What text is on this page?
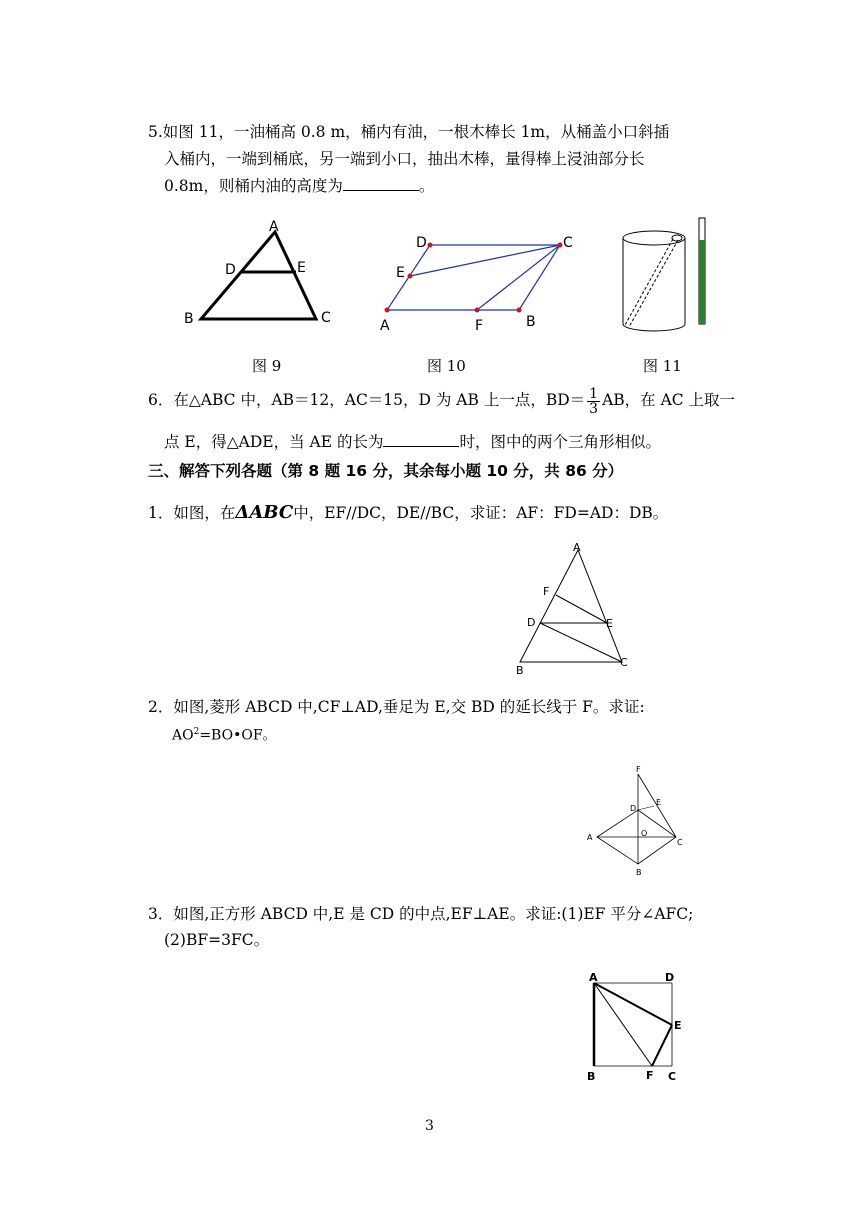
5.如图 11，一油桶高 0.8 m，桶内有油，一根木棒长 1m，从桶盖小口斜插
入桶内，一端到桶底，另一端到小口，抽出木棒，量得棒上浸油部分长
0.8m，则桶内油的高度为	。
A
D	E
B	C
D	C
E
A	F	B
图 9	图 10	图 11
6．在△ABC 中，AB＝12，AC＝15，D 为 AB 上一点，$BD= \frac{1}{3}$ AB，在 AC 上取一
点 E，得△ADE，当 AE 的长为	时，图中的两个三角形相似。
三、解答下列各题（第 8 题 16 分，其余每小题 10 分，共 86 分）
1．如图，在ΔABC中，EF//DC，DE//BC，求证：AF：FD=AD：DB。
A
F
D	E
B
C
2．如图,菱形 ABCD 中,CF⊥AD,垂足为 E,交 BD 的延长线于 F。求证:
$AO^2=BO•OF$。
F
E
D
A	O
C
B
3．如图,正方形 ABCD 中,E 是 CD 的中点,EF⊥AE。求证:(1)EF 平分∠AFC;
(2)BF=3FC。
A	D
E
B	F C
3
